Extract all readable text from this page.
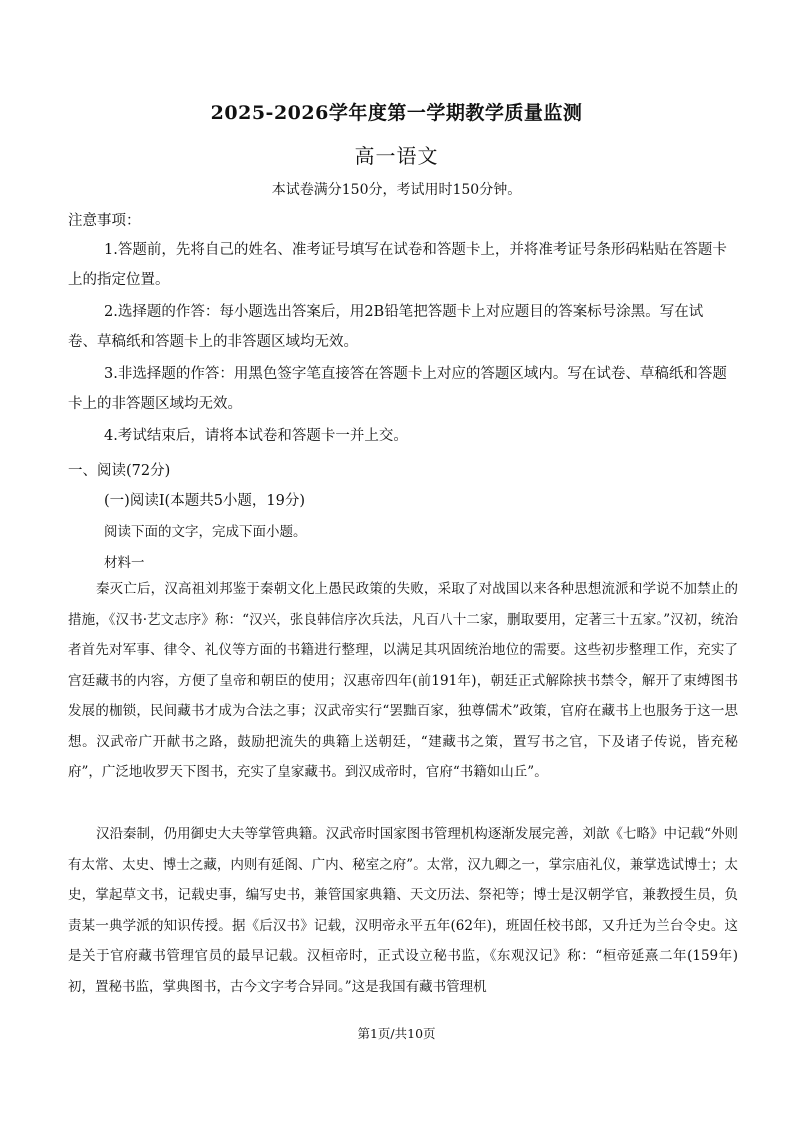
2025-2026学年度第一学期教学质量监测
高一语文
本试卷满分150分，考试用时150分钟。
注意事项：

1.答题前，先将自己的姓名、准考证号填写在试卷和答题卡上，并将准考证号条形码粘贴在答题卡上的指定位置。

2.选择题的作答：每小题选出答案后，用2B铅笔把答题卡上对应题目的答案标号涂黑。写在试卷、草稿纸和答题卡上的非答题区域均无效。

3.非选择题的作答：用黑色签字笔直接答在答题卡上对应的答题区域内。写在试卷、草稿纸和答题卡上的非答题区域均无效。

4.考试结束后，请将本试卷和答题卡一并上交。

一、阅读(72分)
(一)阅读Ⅰ(本题共5小题，19分)
阅读下面的文字，完成下面小题。
材料一

秦灭亡后，汉高祖刘邦鉴于秦朝文化上愚民政策的失败，采取了对战国以来各种思想流派和学说不加禁止的措施，《汉书·艺文志序》称：“汉兴，张良韩信序次兵法，凡百八十二家，删取要用，定著三十五家。”汉初，统治者首先对军事、律令、礼仪等方面的书籍进行整理，以满足其巩固统治地位的需要。这些初步整理工作，充实了宫廷藏书的内容，方便了皇帝和朝臣的使用；汉惠帝四年(前191年)，朝廷正式解除挟书禁令，解开了束缚图书发展的枷锁，民间藏书才成为合法之事；汉武帝实行“罢黜百家，独尊儒术”政策，官府在藏书上也服务于这一思想。汉武帝广开献书之路，鼓励把流失的典籍上送朝廷，“建藏书之策，置写书之官，下及诸子传说，皆充秘府”，广泛地收罗天下图书，充实了皇家藏书。到汉成帝时，官府“书籍如山丘”。

汉沿秦制，仍用御史大夫等掌管典籍。汉武帝时国家图书管理机构逐渐发展完善，刘歆《七略》中记载“外则有太常、太史、博士之藏，内则有延阁、广内、秘室之府”。太常，汉九卿之一，掌宗庙礼仪，兼掌选试博士；太史，掌起草文书，记载史事，编写史书，兼管国家典籍、天文历法、祭祀等；博士是汉朝学官，兼教授生员，负责某一典学派的知识传授。据《后汉书》记载，汉明帝永平五年(62年)，班固任校书郎，又升迁为兰台令史。这是关于官府藏书管理官员的最早记载。汉桓帝时，正式设立秘书监，《东观汉记》称：“桓帝延熹二年(159年)初，置秘书监，掌典图书，古今文字考合异同。”这是我国有藏书管理机

第1页/共10页
